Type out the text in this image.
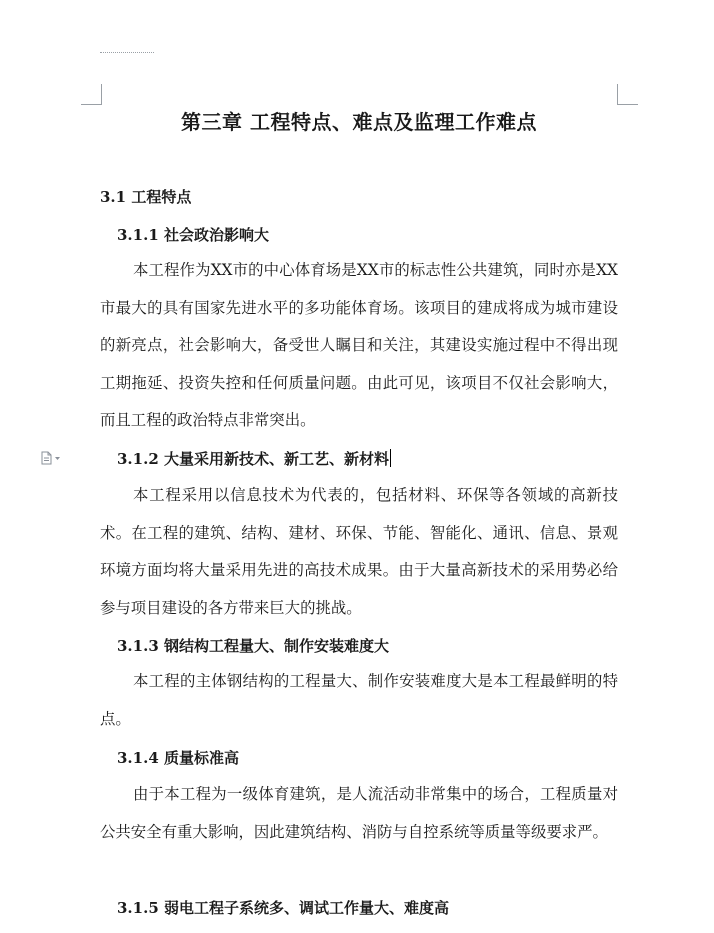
第三章 工程特点、难点及监理工作难点
3.1 工程特点
3.1.1 社会政治影响大

本工程作为XX市的中心体育场是XX市的标志性公共建筑，同时亦是XX市最大的具有国家先进水平的多功能体育场。该项目的建成将成为城市建设的新亮点，社会影响大，备受世人瞩目和关注，其建设实施过程中不得出现工期拖延、投资失控和任何质量问题。由此可见，该项目不仅社会影响大，而且工程的政治特点非常突出。

3.1.2 大量采用新技术、新工艺、新材料

本工程采用以信息技术为代表的，包括材料、环保等各领域的高新技术。在工程的建筑、结构、建材、环保、节能、智能化、通讯、信息、景观环境方面均将大量采用先进的高技术成果。由于大量高新技术的采用势必给参与项目建设的各方带来巨大的挑战。

3.1.3 钢结构工程量大、制作安装难度大

本工程的主体钢结构的工程量大、制作安装难度大是本工程最鲜明的特点。

3.1.4 质量标准高

由于本工程为一级体育建筑，是人流活动非常集中的场合，工程质量对公共安全有重大影响，因此建筑结构、消防与自控系统等质量等级要求严。

3.1.5 弱电工程子系统多、调试工作量大、难度高
